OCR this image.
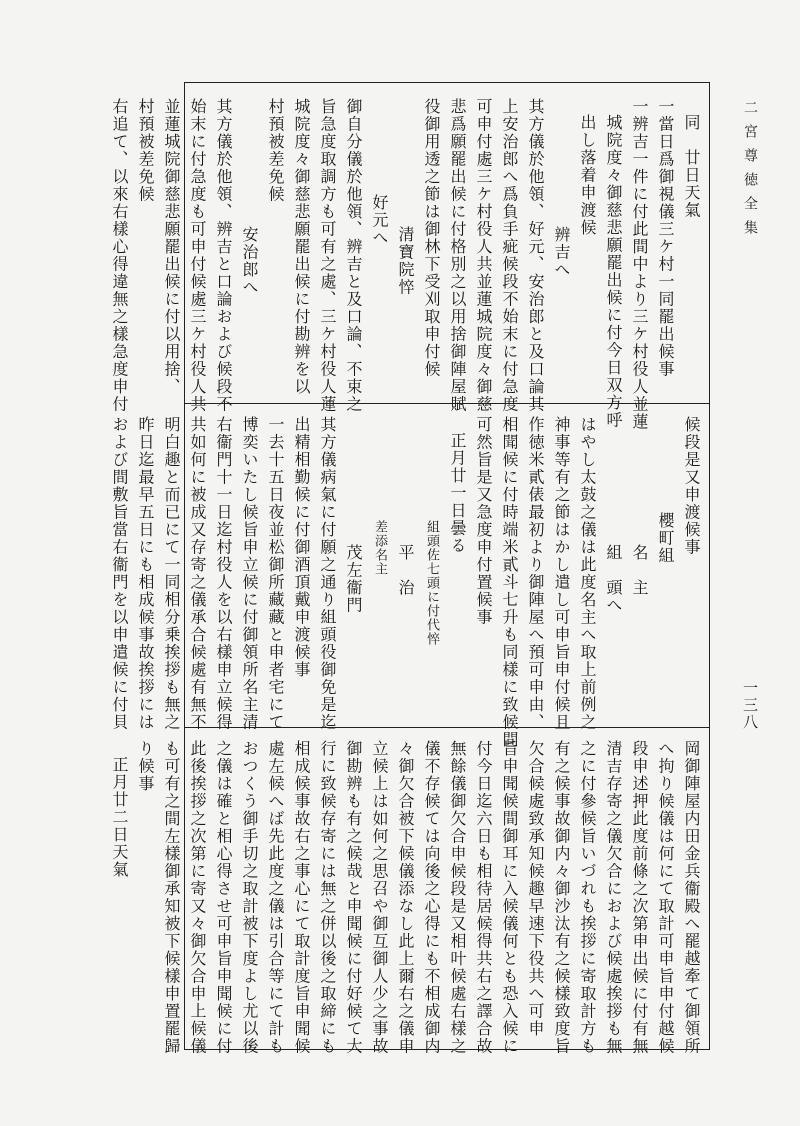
二宮尊徳全集
一三八
同　廿日天氣
一當日爲御視儀三ケ村一同罷出候事
一辨吉一件に付此間中より三ケ村役人並蓮
城院度々御慈悲願罷出候に付今日双方呼
出し落着申渡候
辨吉へ
其方儀於他領、好元、安治郎と及口論其
上安治郎へ爲負手疵候段不始末に付急度
可申付處三ケ村役人共並蓮城院度々御慈
悲爲願罷出候に付格別之以用捨御陣屋賦
役御用透之節は御林下受刈取申付候
清寶院悴
好元へ
御自分儀於他領、辨吉と及口論、不束之
旨急度取調方も可有之處、三ケ村役人蓮
城院度々御慈悲願罷出候に付勘辨を以
村預被差免候
安治郎へ
其方儀於他領、辨吉と口論および候段不
始末に付急度も可申付候處三ケ村役人共
並蓮城院御慈悲願罷出候に付以用捨、
村預被差免候
右追て、以來右樣心得違無之樣急度申付
候段是又申渡候事
櫻町組
名　主
組　頭へ
はやし太鼓之儀は此度名主へ取上前例之
神事等有之節はかし遣し可申旨申付候且
作徳米貳俵最初より御陣屋へ預可申由、
相聞候に付時端米貳斗七升も同樣に致候間
可然旨是又急度申付置候事
正月廿一日曇る
組頭佐七頭に付代悴
平　治
差添名主
茂左衞門
其方儀病氣に付願之通り組頭役御免是迄
出精相勤候に付御酒頂戴申渡候事
一去十五日夜並松御所藏藏と申者宅にて
博奕いたし候旨申立候に付御領所名主清
右衞門十一日迄村役人を以右樣申立候得
共如何に被成又存寄之儀承合候處有無不
明白趣と而已にて一同相分乗挨拶も無之
昨日迄最早五日にも相成候事故挨拶には
および間敷旨當右衞門を以申遣候に付貝
岡御陣屋内田金兵衞殿へ罷越牽て御領所
へ拘り候儀は何にて取計可申旨申付越候
段申述押此度前條之次第申出候に付有無
清吉存寄之儀欠合におよび候處挨拶も無
之に付參候旨いづれも挨拶に寄取計方も
有之候事故御内々御沙汰有之候樣致度旨
欠合候處致承知候趣早速下役共へ可申
旨申聞候間御耳に入候儀何とも恐入候に
付今日迄六日も相待居候得共右之譯合故
無餘儀御欠合申候段是又相叶候處右樣之
儀不存候ては向後之心得にも不相成御内
々御欠合被下候儀添なし此上爾右之儀申
立候上は如何之思召や御互御人少之事故
御勘辨も有之候哉と申聞候に付好候て大
行に致候存寄には無之併以後之取締にも
相成候事故右之事心にて取計度旨申聞候
處左候へば先此度之儀は引合等にて計も
おつくう御手切之取計被下度よし尤以後
之儀は確と相心得させ可申旨申聞候に付
此後挨拶之次第に寄又々御欠合申上候儀
も可有之間左樣御承知被下候樣申置罷歸
り候事
正月廿二日天氣
